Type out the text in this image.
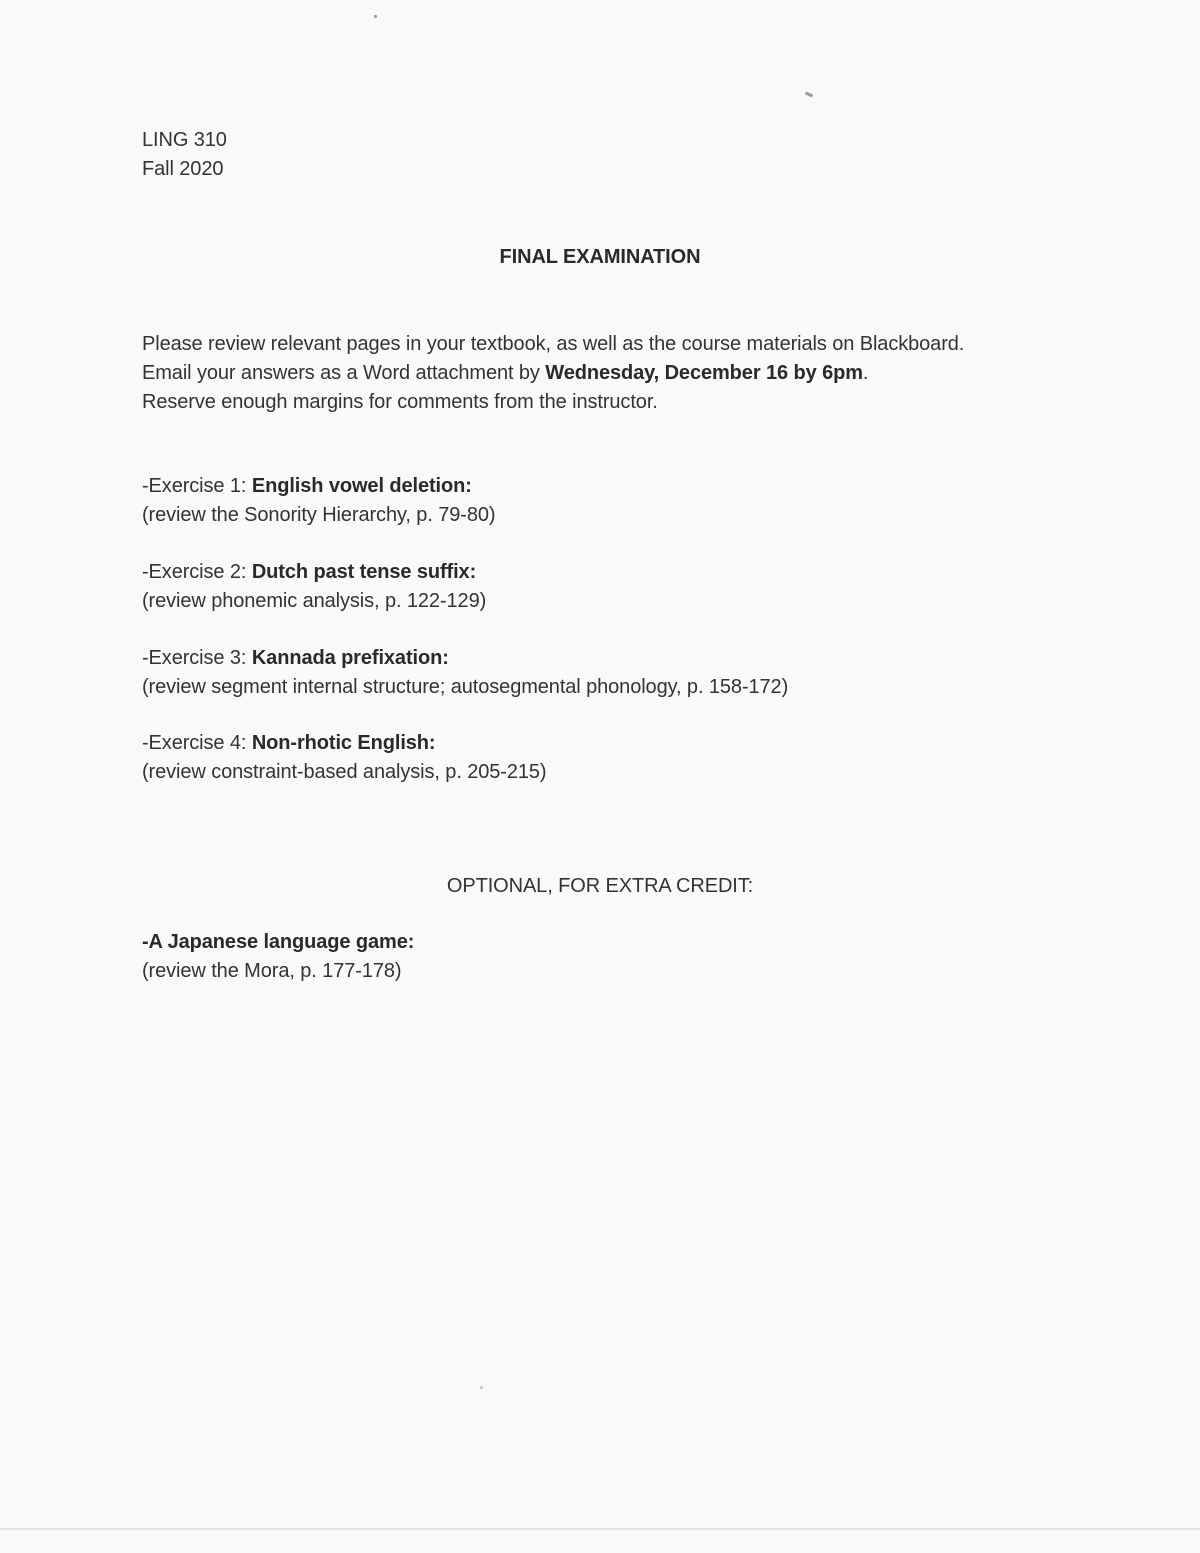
LING 310
Fall 2020
FINAL EXAMINATION
Please review relevant pages in your textbook, as well as the course materials on Blackboard.
Email your answers as a Word attachment by Wednesday, December 16 by 6pm.
Reserve enough margins for comments from the instructor.
-Exercise 1: English vowel deletion:
(review the Sonority Hierarchy, p. 79-80)
-Exercise 2: Dutch past tense suffix:
(review phonemic analysis, p. 122-129)
-Exercise 3: Kannada prefixation:
(review segment internal structure; autosegmental phonology, p. 158-172)
-Exercise 4: Non-rhotic English:
(review constraint-based analysis, p. 205-215)
OPTIONAL, FOR EXTRA CREDIT:
-A Japanese language game:
(review the Mora, p. 177-178)
